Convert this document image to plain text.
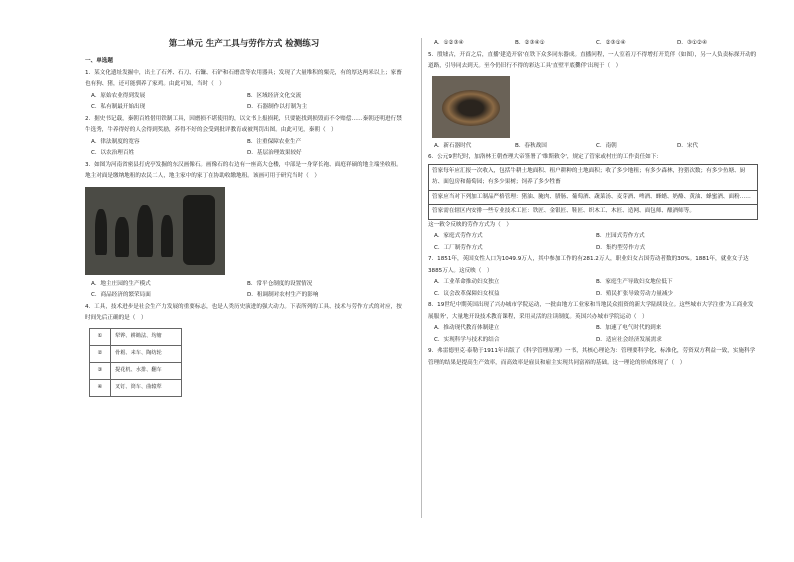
第二单元 生产工具与劳作方式 检测练习

一、单选题

1．某文化遗址发掘中，出土了石斧、石刀、石镰、石铲和石磨盘等农用器具；发现了大量堆积的粟壳，有的厚达两米以上；家畜也有狗、猪，还可能驯养了家鸡。由此可知，当时（　）

A．原始农业得到发展	B．区域经济文化交流
C．私有制最开始出现	D．石器制作以打制为主

2．据史书记载，秦朝百姓借用铁制工具，因磨损不堪使用的，以文书上报损耗，只要能找到损毁而不令赔偿……秦朝还明进行禁牛选秀，牛养得好的人会得到奖励，养得不好的会受到批评教育或被判罚出图。由此可见，秦朝（　）

A．律法制度的宽容	B．注重保障农业生产
C．以农治理百姓	D．基层治理效果较好

3．如图为河南省密县打虎亭发掘的东汉画像石。画像石的右边有一座高大仓楼，中部是一身穿长袍、面庭祥硕的地主端坐收租。地主对面是缴纳地租的农民二人，地主家中的家丁在协助收缴地租。该画可用于研究当时（　）

A．地主庄园的生产模式	B．常平仓制度的设置情况
C．商品经济的繁荣局面	D．租调制对农村生产的影响

4．工具，技术进步是社会生产力发展的重要标志，也是人类历史演进的强大动力。下表所列的工具、技术与劳作方式的对应，按时间先后正确的是（　）

①	犁铧、耕锄法、均塘
②	骨耜、耒车、陶纺轮
③	提花机、水排、翻车
④	叉钉、筒车、曲辕犁
A．①②③④	B．②③④①	C．②③①④	D．③①②④

5．殷墟古，开首之后，直播'建造开宿'在铁下众多同东器成。直播问程，一人室着刀不得增打开荒伴（如图），另一人负责标探开动的道路，引导同去到天。至今仍旧行不得的彩达工具'直壁平底爨伴'出现于（　）

A．新石器时代	B．春秋战国	C．南朝	D．宋代

6．公元9世纪时，加洛林王朝查理大帝签署了'维斯敕令'，规定了管家或村庄的工作责任如下：

管家每年应汇报一次收入，包括牛耕土地面积、租户耕种的土地面积；收了多少地租；有多少森林，狩猎次数；有多少鱼塘、厨坊、面包房和葡萄园；有多少果树；饲养了多少牲畜
管家应当对下列加工制品严格管理：猪油、腌肉、腊肠、葡萄酒、蔬菜汤、麦芽酒、啤酒、蜂蜡、奶酪、黄油、蜂蜜酒、面粉……
管家需在辖区内安排一些专业技术工匠：铁匠、金银匠、鞋匠、织木工、木匠、造网、面包师、酿酒师等。

这一敕令反映的劳作方式为（　）

A．家庭式劳作方式	B．庄园式劳作方式
C．工厂制劳作方式	D．集约型劳作方式

7．1851年，英国女性人口为1049.9万人，其中参加工作的有281.2万人，职业妇女占国劳动者数的30%。1881年，就业女子达3885万人。这反映（　）

A．工业革命推动妇女独立	B．家庭生产导致妇女地位低下
C．议会改革保障妇女权益	D．殖民扩张导致劳动力量减少

8．19世纪中期英国出现了兴办城市学院运动，一批由地方工业家和当地民众捐资的新大学陆续设立。这些城市大学注重'为工商业发展服务'，大量地开设技术教育课程，采用灵活的注读制度。英国兴办城市学院运动（　）

A．推动现代教育体制建立	B．加速了电气时代的到来
C．实现科学与技术的结合	D．适应社会经济发展需求

9．弗雷德里克·泰勒于1911年出版了《科学管理原理》一书，其核心理论为：管理要科学化、标准化，劳资双方利益一致，实施科学管理的结果是提高生产效率，而高效率是雇员和雇主实现共同富裕的基础。这一理论的形成体现了（　）
